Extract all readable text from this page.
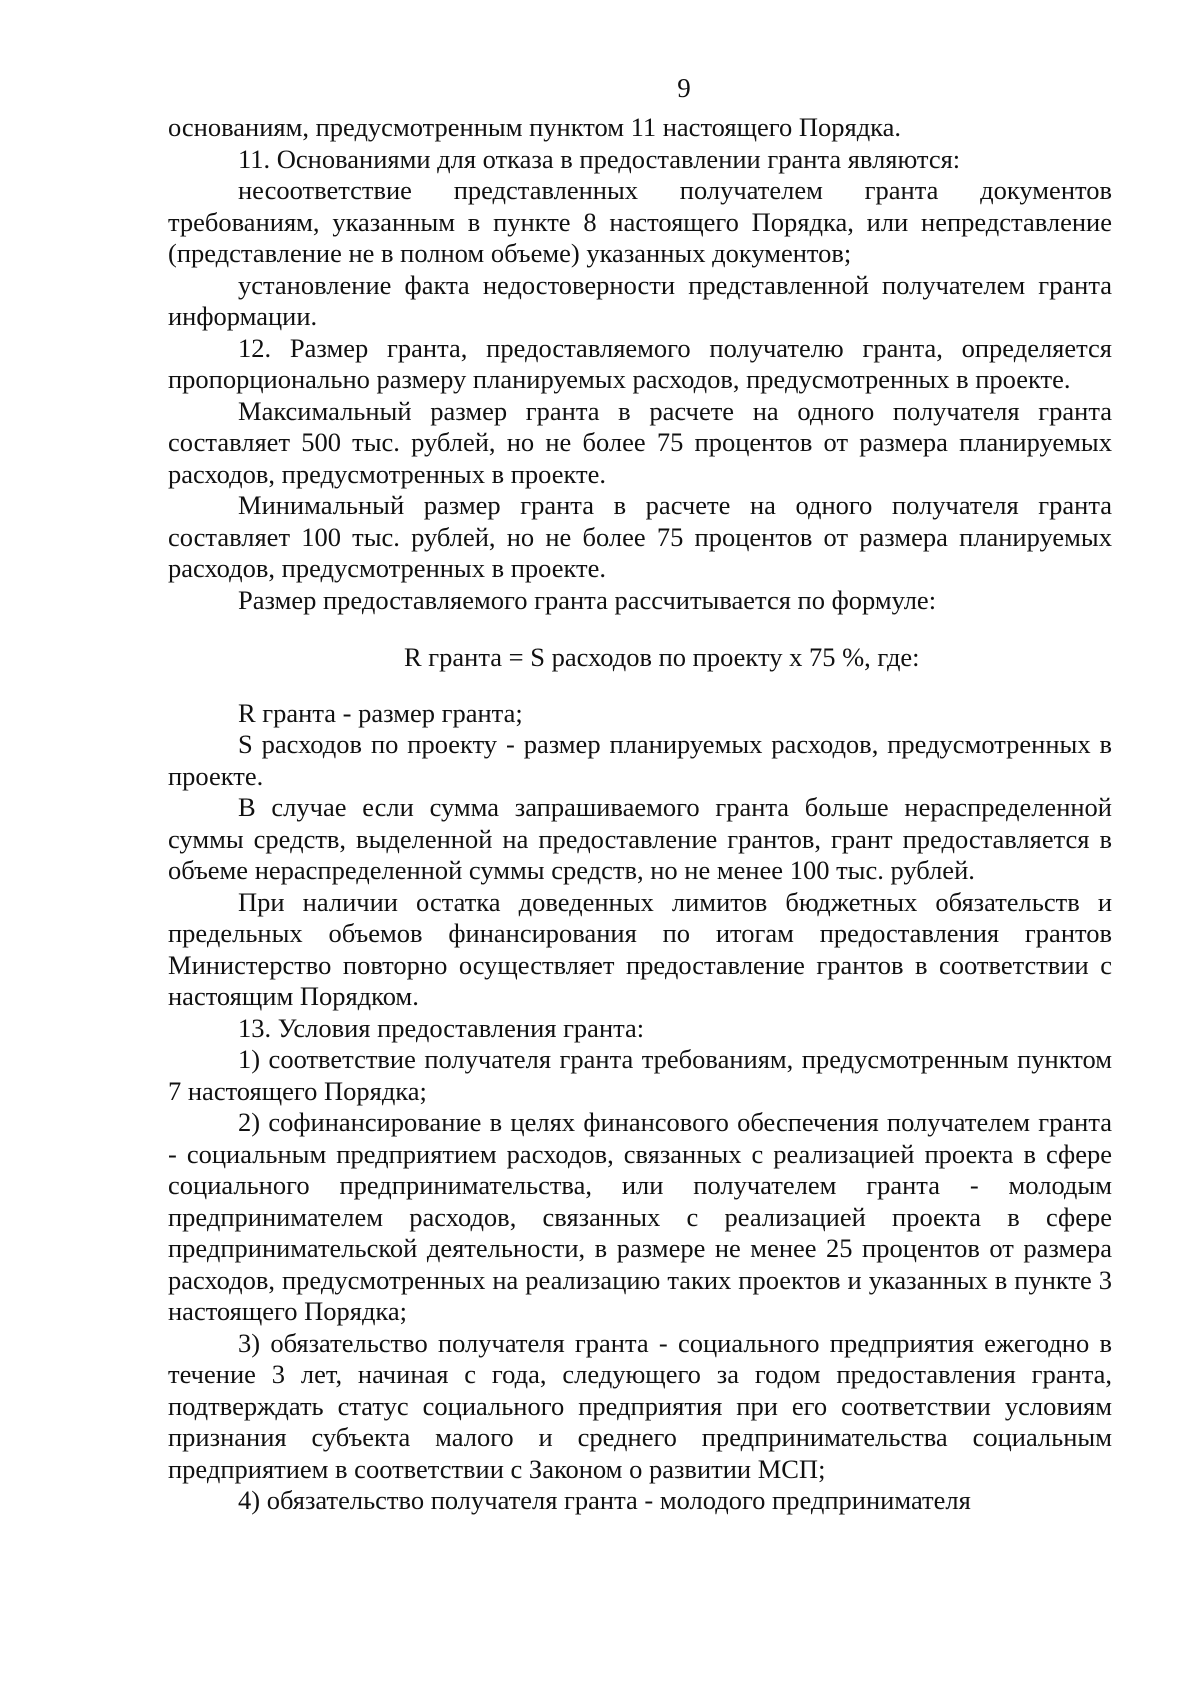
9

основаниям, предусмотренным пунктом 11 настоящего Порядка.

11. Основаниями для отказа в предоставлении гранта являются:

несоответствие представленных получателем гранта документов требованиям, указанным в пункте 8 настоящего Порядка, или непредставление (представление не в полном объеме) указанных документов;

установление факта недостоверности представленной получателем гранта информации.

12. Размер гранта, предоставляемого получателю гранта, определяется пропорционально размеру планируемых расходов, предусмотренных в проекте.

Максимальный размер гранта в расчете на одного получателя гранта составляет 500 тыс. рублей, но не более 75 процентов от размера планируемых расходов, предусмотренных в проекте.

Минимальный размер гранта в расчете на одного получателя гранта составляет 100 тыс. рублей, но не более 75 процентов от размера планируемых расходов, предусмотренных в проекте.

Размер предоставляемого гранта рассчитывается по формуле:

R гранта = S расходов по проекту x 75 %, где:

R гранта - размер гранта;

S расходов по проекту - размер планируемых расходов, предусмотренных в проекте.

В случае если сумма запрашиваемого гранта больше нераспределенной суммы средств, выделенной на предоставление грантов, грант предоставляется в объеме нераспределенной суммы средств, но не менее 100 тыс. рублей.

При наличии остатка доведенных лимитов бюджетных обязательств и предельных объемов финансирования по итогам предоставления грантов Министерство повторно осуществляет предоставление грантов в соответствии с настоящим Порядком.

13. Условия предоставления гранта:

1) соответствие получателя гранта требованиям, предусмотренным пунктом 7 настоящего Порядка;

2) софинансирование в целях финансового обеспечения получателем гранта - социальным предприятием расходов, связанных с реализацией проекта в сфере социального предпринимательства, или получателем гранта - молодым предпринимателем расходов, связанных с реализацией проекта в сфере предпринимательской деятельности, в размере не менее 25 процентов от размера расходов, предусмотренных на реализацию таких проектов и указанных в пункте 3 настоящего Порядка;

3) обязательство получателя гранта - социального предприятия ежегодно в течение 3 лет, начиная с года, следующего за годом предоставления гранта, подтверждать статус социального предприятия при его соответствии условиям признания субъекта малого и среднего предпринимательства социальным предприятием в соответствии с Законом о развитии МСП;

4) обязательство получателя гранта - молодого предпринимателя
